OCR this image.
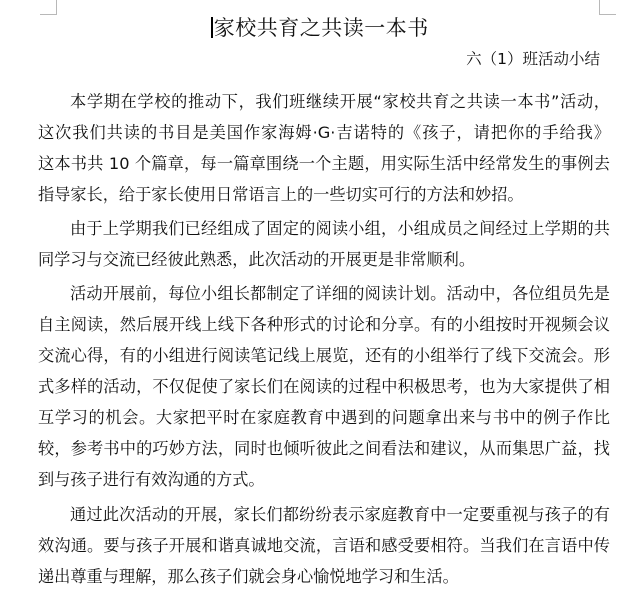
家校共育之共读一本书
六（1）班活动小结
本学期在学校的推动下，我们班继续开展“家校共育之共读一本书”活动，
这次我们共读的书目是美国作家海姆·G·吉诺特的《孩子，请把你的手给我》
这本书共 10 个篇章，每一篇章围绕一个主题，用实际生活中经常发生的事例去
指导家长，给于家长使用日常语言上的一些切实可行的方法和妙招。
由于上学期我们已经组成了固定的阅读小组，小组成员之间经过上学期的共
同学习与交流已经彼此熟悉，此次活动的开展更是非常顺利。
活动开展前，每位小组长都制定了详细的阅读计划。活动中，各位组员先是
自主阅读，然后展开线上线下各种形式的讨论和分享。有的小组按时开视频会议
交流心得，有的小组进行阅读笔记线上展览，还有的小组举行了线下交流会。形
式多样的活动，不仅促使了家长们在阅读的过程中积极思考，也为大家提供了相
互学习的机会。大家把平时在家庭教育中遇到的问题拿出来与书中的例子作比
较，参考书中的巧妙方法，同时也倾听彼此之间看法和建议，从而集思广益，找
到与孩子进行有效沟通的方式。
通过此次活动的开展，家长们都纷纷表示家庭教育中一定要重视与孩子的有
效沟通。要与孩子开展和谐真诚地交流，言语和感受要相符。当我们在言语中传
递出尊重与理解，那么孩子们就会身心愉悦地学习和生活。
